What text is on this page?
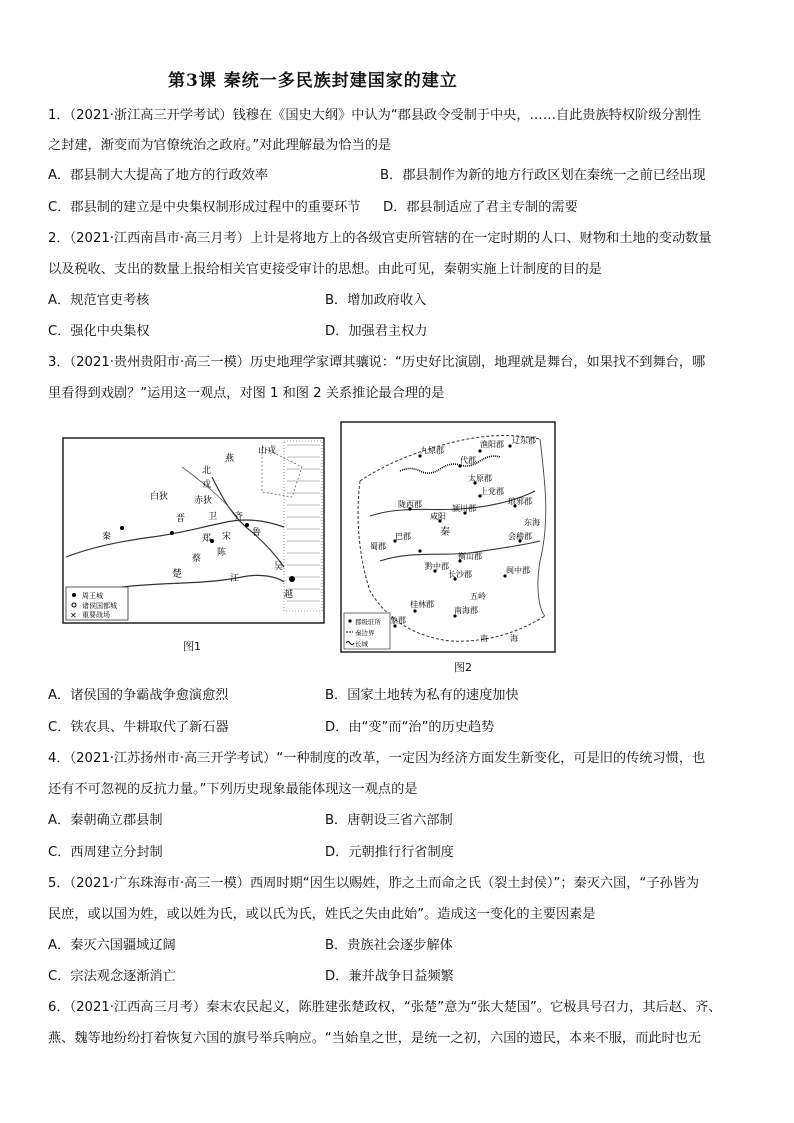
第3课 秦统一多民族封建国家的建立
1．（2021·浙江高三开学考试）钱穆在《国史大纲》中认为“郡县政令受制于中央，……自此贵族特权阶级分割性
之封建，渐变而为官僚统治之政府。”对此理解最为恰当的是
A．郡县制大大提高了地方的行政效率	B．郡县制作为新的地方行政区划在秦统一之前已经出现
C．郡县制的建立是中央集权制形成过程中的重要环节 D．郡县制适应了君主专制的需要
2．（2021·江西南昌市·高三月考）上计是将地方上的各级官吏所管辖的在一定时期的人口、财物和土地的变动数量
以及税收、支出的数量上报给相关官吏接受审计的思想。由此可见，秦朝实施上计制度的目的是
A．规范官吏考核	B．增加政府收入
C．强化中央集权	D．加强君主权力
3．（2021·贵州贵阳市·高三一模）历史地理学家谭其骧说：“历史好比演剧，地理就是舞台，如果找不到舞台，哪
里看得到戏剧？”运用这一观点，对图 1 和图 2 关系推论最合理的是
山戎
北
燕
戎
白狄	赤狄
晋	齐
卫
鲁
宋
郑
陈
秦
蔡
楚
吴
越
江
周王城
诸侯国都城
✕ 重要战场
图1
辽东郡
渔阳郡
九原郡
代郡
太原郡
上党郡
陇西郡
咸阳
颍川郡
琅邪郡
东海
会稽郡
巴郡
蜀郡
黔中郡
长沙郡
衡山郡
闽中郡
桂林郡
南海郡
象郡
五岭
南	海
秦
郡级驻所
秦边界
长城
图2
A．诸侯国的争霸战争愈演愈烈	B．国家土地转为私有的速度加快
C．铁农具、牛耕取代了新石器	D．由“变”而“治”的历史趋势
4．（2021·江苏扬州市·高三开学考试）“一种制度的改革，一定因为经济方面发生新变化，可是旧的传统习惯，也
还有不可忽视的反抗力量。”下列历史现象最能体现这一观点的是
A．秦朝确立郡县制	B．唐朝设三省六部制
C．西周建立分封制	D．元朝推行行省制度
5．（2021·广东珠海市·高三一模）西周时期“因生以赐姓，胙之土而命之氏（裂土封侯）”；秦灭六国，“子孙皆为
民庶，或以国为姓，或以姓为氏，或以氏为氏，姓氏之失由此始”。造成这一变化的主要因素是
A．秦灭六国疆域辽阔	B．贵族社会逐步解体
C．宗法观念逐渐消亡	D．兼并战争日益频繁
6．（2021·江西高三月考）秦末农民起义，陈胜建张楚政权，“张楚”意为“张大楚国”。它极具号召力，其后赵、齐、
燕、魏等地纷纷打着恢复六国的旗号举兵响应。“当始皇之世，是统一之初，六国的遗民，本来不服，而此时也无
